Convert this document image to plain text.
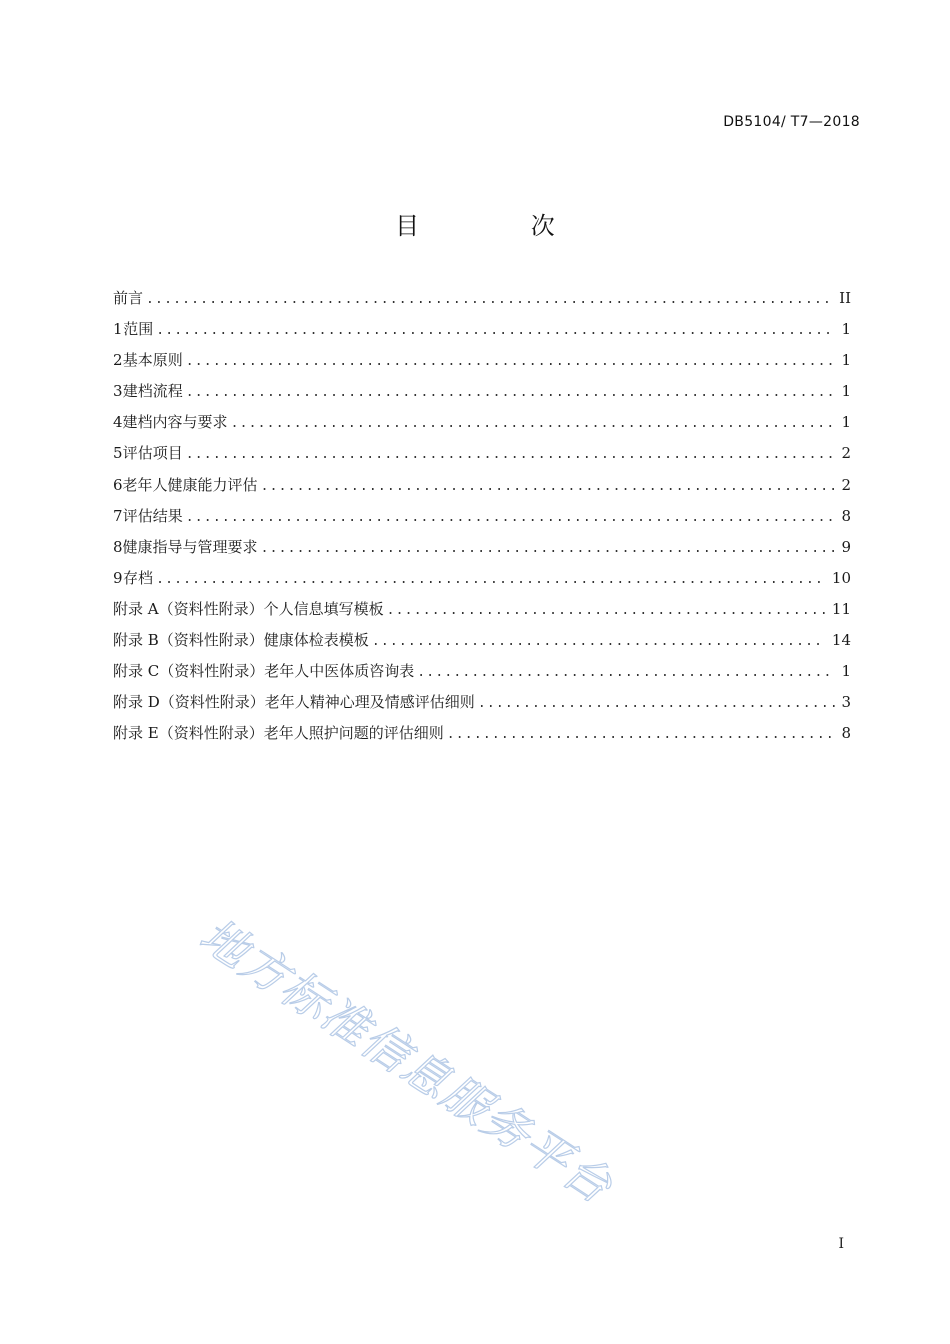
DB5104/ T7—2018
目 次
前言 .....	II
1 范围 .....	1
2 基本原则 .....	1
3 建档流程 .....	1
4 建档内容与要求 .....	1
5 评估项目 .....	2
6 老年人健康能力评估 .....	2
7 评估结果 .....	8
8 健康指导与管理要求 .....	9
9 存档 .....	10
附录 A（资料性附录） 个人信息填写模板 .....	11
附录 B（资料性附录） 健康体检表模板 .....	14
附录 C（资料性附录） 老年人中医体质咨询表 .....	1
附录 D（资料性附录） 老年人精神心理及情感评估细则 .....	3
附录 E（资料性附录） 老年人照护问题的评估细则 .....	8
地方标准信息服务平台
I
